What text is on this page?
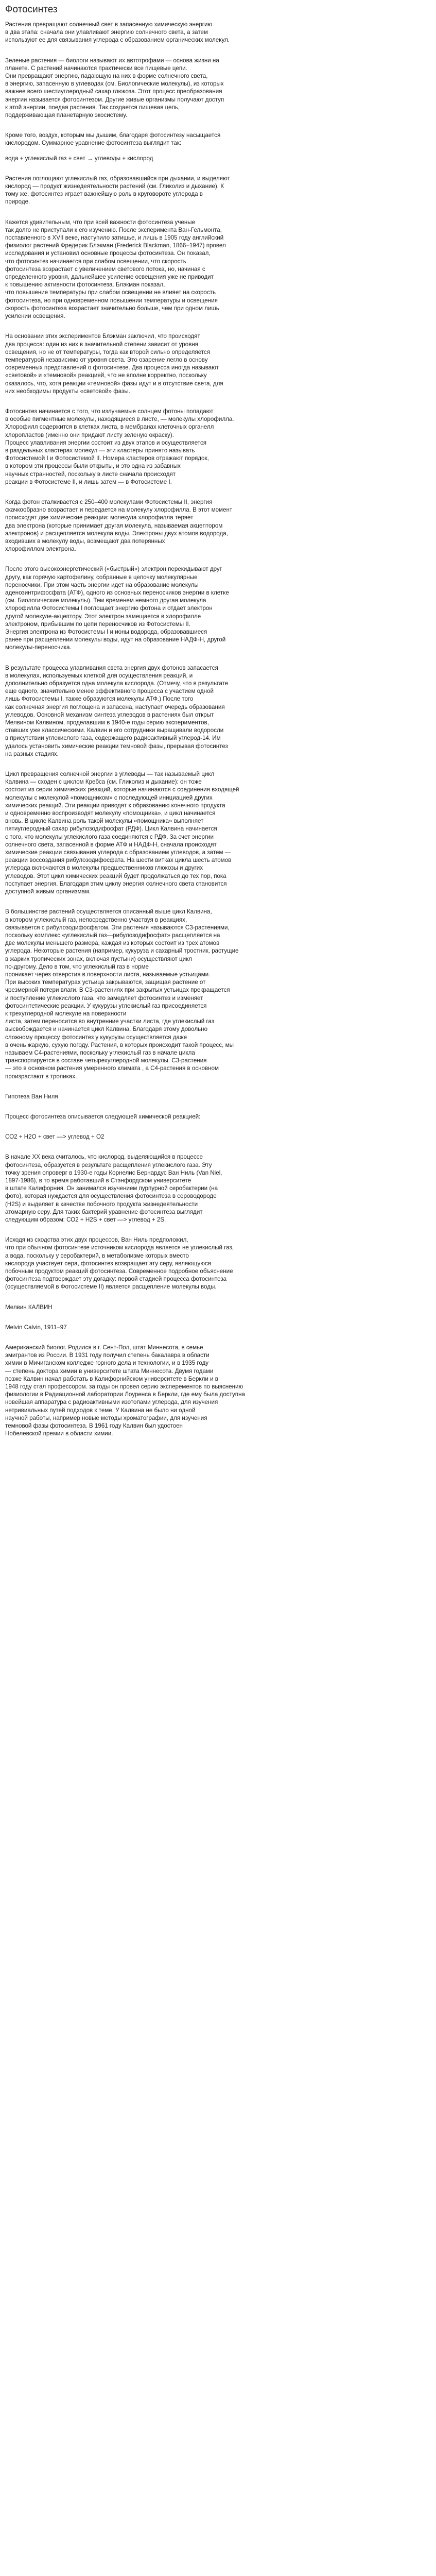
Фотосинтез
Растения превращают солнечный свет в запасенную химическую энергию
в два этапа: сначала они улавливают энергию солнечного света, а затем
используют ее для связывания углерода с образованием органических молекул.
Зеленые растения — биологи называют их автотрофами — основа жизни на
планете. С растений начинаются практически все пищевые цепи.
Они превращают энергию, падающую на них в форме солнечного света,
в энергию, запасенную в углеводах (см. Биологические молекулы), из которых
важнее всего шестиуглеродный сахар глюкоза. Этот процесс преобразования
энергии называется фотосинтезом. Другие живые организмы получают доступ
к этой энергии, поедая растения. Так создается пищевая цепь,
поддерживающая планетарную экосистему.
Кроме того, воздух, которым мы дышим, благодаря фотосинтезу насыщается
кислородом. Суммарное уравнение фотосинтеза выглядит так:
вода + углекислый газ + свет → углеводы + кислород
Растения поглощают углекислый газ, образовавшийся при дыхании, и выделяют
кислород — продукт жизнедеятельности растений (см. Гликолиз и дыхание). К
тому же, фотосинтез играет важнейшую роль в круговороте углерода в
природе.
Кажется удивительным, что при всей важности фотосинтеза ученые
так долго не приступали к его изучению. После эксперимента Ван-Гельмонта,
поставленного в XVII веке, наступило затишье, и лишь в 1905 году английский
физиолог растений Фредерик Блэкман (Frederick Blackman, 1866–1947) провел
исследования и установил основные процессы фотосинтеза. Он показал,
что фотосинтез начинается при слабом освещении, что скорость
фотосинтеза возрастает с увеличением светового потока, но, начиная с
определенного уровня, дальнейшее усиление освещения уже не приводит
к повышению активности фотосинтеза. Блэкман показал,
что повышение температуры при слабом освещении не влияет на скорость
фотосинтеза, но при одновременном повышении температуры и освещения
скорость фотосинтеза возрастает значительно больше, чем при одном лишь
усилении освещения.
На основании этих экспериментов Блэкман заключил, что происходят
два процесса: один из них в значительной степени зависит от уровня
освещения, но не от температуры, тогда как второй сильно определяется
температурой независимо от уровня света. Это озарение легло в основу
современных представлений о фотосинтезе. Два процесса иногда называют
«световой» и «темновой» реакцией, что не вполне корректно, поскольку
оказалось, что, хотя реакции «темновой» фазы идут и в отсутствие света, для
них необходимы продукты «световой» фазы.
Фотосинтез начинается с того, что излучаемые солнцем фотоны попадают
в особые пигментные молекулы, находящиеся в листе, — молекулы хлорофилла.
Хлорофилл содержится в клетках листа, в мембранах клеточных органелл
хлоропластов (именно они придают листу зеленую окраску).
Процесс улавливания энергии состоит из двух этапов и осуществляется
в раздельных кластерах молекул — эти кластеры принято называть
Фотосистемой I и Фотосистемой II. Номера кластеров отражают порядок,
в котором эти процессы были открыты, и это одна из забавных
научных странностей, поскольку в листе сначала происходят
реакции в Фотосистеме II, и лишь затем — в Фотосистеме I.
Когда фотон сталкивается с 250–400 молекулами Фотосистемы II, энергия
скачкообразно возрастает и передается на молекулу хлорофилла. В этот момент
происходят две химические реакции: молекула хлорофилла теряет
два электрона (которые принимает другая молекула, называемая акцептором
электронов) и расщепляется молекула воды. Электроны двух атомов водорода,
входивших в молекулу воды, возмещают два потерянных
хлорофиллом электрона.
После этого высокоэнергетический («быстрый») электрон перекидывают друг
другу, как горячую картофелину, собранные в цепочку молекулярные
переносчики. При этом часть энергии идет на образование молекулы
аденозинтрифосфата (АТФ), одного из основных переносчиков энергии в клетке
(см. Биологические молекулы). Тем временем немного другая молекула
хлорофилла Фотосистемы I поглощает энергию фотона и отдает электрон
другой молекуле-акцептору. Этот электрон замещается в хлорофилле
электроном, прибывшим по цепи переносчиков из Фотосистемы II.
Энергия электрона из Фотосистемы I и ионы водорода, образовавшиеся
ранее при расщеплении молекулы воды, идут на образование НАДФ-Н, другой
молекулы-переносчика.
В результате процесса улавливания света энергия двух фотонов запасается
в молекулах, используемых клеткой для осуществления реакций, и
дополнительно образуется одна молекула кислорода. (Отмечу, что в результате
еще одного, значительно менее эффективного процесса с участием одной
лишь Фотосистемы I, также образуются молекулы АТФ.) После того
как солнечная энергия поглощена и запасена, наступает очередь образования
углеводов. Основной механизм синтеза углеводов в растениях был открыт
Мелвином Калвином, проделавшим в 1940-е годы серию экспериментов,
ставших уже классическими. Калвин и его сотрудники выращивали водоросли
в присутствии углекислого газа, содержащего радиоактивный углерод-14. Им
удалось установить химические реакции темновой фазы, прерывая фотосинтез
на разных стадиях.
Цикл превращения солнечной энергии в углеводы — так называемый цикл
Калвина — сходен с циклом Кребса (см. Гликолиз и дыхание): он тоже
состоит из серии химических реакций, которые начинаются с соединения входящей
молекулы с молекулой «помощником» с последующей инициацией других
химических реакций. Эти реакции приводят к образованию конечного продукта
и одновременно воспроизводят молекулу «помощника», и цикл начинается
вновь. В цикле Калвина роль такой молекулы «помощника» выполняет
пятиуглеродный сахар рибулозодифосфат (РДФ). Цикл Калвина начинается
с того, что молекулы углекислого газа соединяются с РДФ. За счет энергии
солнечного света, запасенной в форме АТФ и НАДФ-Н, сначала происходят
химические реакции связывания углерода с образованием углеводов, а затем —
реакции воссоздания рибулозодифосфата. На шести витках цикла шесть атомов
углерода включаются в молекулы предшественников глюкозы и других
углеводов. Этот цикл химических реакций будет продолжаться до тех пор, пока
поступает энергия. Благодаря этим циклу энергия солнечного света становится
доступной живым организмам.
В большинстве растений осуществляется описанный выше цикл Калвина,
в котором углекислый газ, непосредственно участвуя в реакциях,
связывается с рибулозодифосфатом. Эти растения называются С3-растениями,
поскольку комплекс «углекислый газ—рибулозодифосфат» расщепляется на
две молекулы меньшего размера, каждая из которых состоит из трех атомов
углерода. Некоторые растения (например, кукуруза и сахарный тростник, растущие
в жарких тропических зонах, включая пустыни) осуществляют цикл
по-другому. Дело в том, что углекислый газ в норме
проникает через отверстия в поверхности листа, называемые устьицами.
При высоких температурах устьица закрываются, защищая растение от
чрезмерной потери влаги. В С3-растениях при закрытых устьицах прекращается
и поступление углекислого газа, что замедляет фотосинтез и изменяет
фотосинтетические реакции. У кукурузы углекислый газ присоединяется
к трехуглеродной молекуле на поверхности
листа, затем переносится во внутренние участки листа, где углекислый газ
высвобождается и начинается цикл Калвина. Благодаря этому довольно
сложному процессу фотосинтез у кукурузы осуществляется даже
в очень жаркую, сухую погоду. Растения, в которых происходит такой процесс, мы
называем С4-растениями, поскольку углекислый газ в начале цикла
транспортируется в составе четырехуглеродной молекулы. С3-растения
— это в основном растения умеренного климата , а С4-растения в основном
произрастают в тропиках.
Гипотеза Ван Ниля
Процесс фотосинтеза описывается следующей химической реакцией:
СО2 + Н2О + свет —> углевод + О2
В начале XX века считалось, что кислород, выделяющийся в процессе
фотосинтеза, образуется в результате расщепления углекислого газа. Эту
точку зрения опроверг в 1930-е годы Корнелис Бернардус Ван Ниль (Van Niel,
1897-1986), в то время работавший в Стэнфордском университете
в штате Калифорния. Он занимался изучением пурпурной серобактерии (на
фото), которая нуждается для осуществления фотосинтеза в сероводороде
(H2S) и выделяет в качестве побочного продукта жизнедеятельности
атомарную серу. Для таких бактерий уравнение фотосинтеза выглядит
следующим образом: СО2 + H2S + свет —> углевод + 2S.
Исходя из сходства этих двух процессов, Ван Ниль предположил,
что при обычном фотосинтезе источником кислорода является не углекислый газ,
а вода, поскольку у серобактерий, в метаболизме которых вместо
кислорода участвует сера, фотосинтез возвращает эту серу, являющуюся
побочным продуктом реакций фотосинтеза. Современное подробное объяснение
фотосинтеза подтверждает эту догадку: первой стадией процесса фотосинтеза
(осуществляемой в Фотосистеме II) является расщепление молекулы воды.
Мелвин КАЛВИН
Melvin Calvin, 1911–97
Американский биолог. Родился в г. Сент-Пол, штат Миннесота, в семье
эмигрантов из России. В 1931 году получил степень бакалавра в области
химии в Мичиганском колледже горного дела и технологии, и в 1935 году
— степень доктора химии в университете штата Миннесота. Двумя годами
позже Калвин начал работать в Калифорнийском университете в Беркли и в
1948 году стал профессором. за годы он провел серию эксперементов по выяснению
физиологии в Радиационной лаборатории Лоуренса в Беркли, где ему была доступна
новейшая аппаратура с радиоактивными изотопами углерода, для изучения
нетривиальных путей подходов к теме. У Калвина не было ни одной
научной работы, например новые методы хроматографии, для изучения
темновой фазы фотосинтеза. В 1961 году Калвин был удостоен
Нобелевской премии в области химии.
